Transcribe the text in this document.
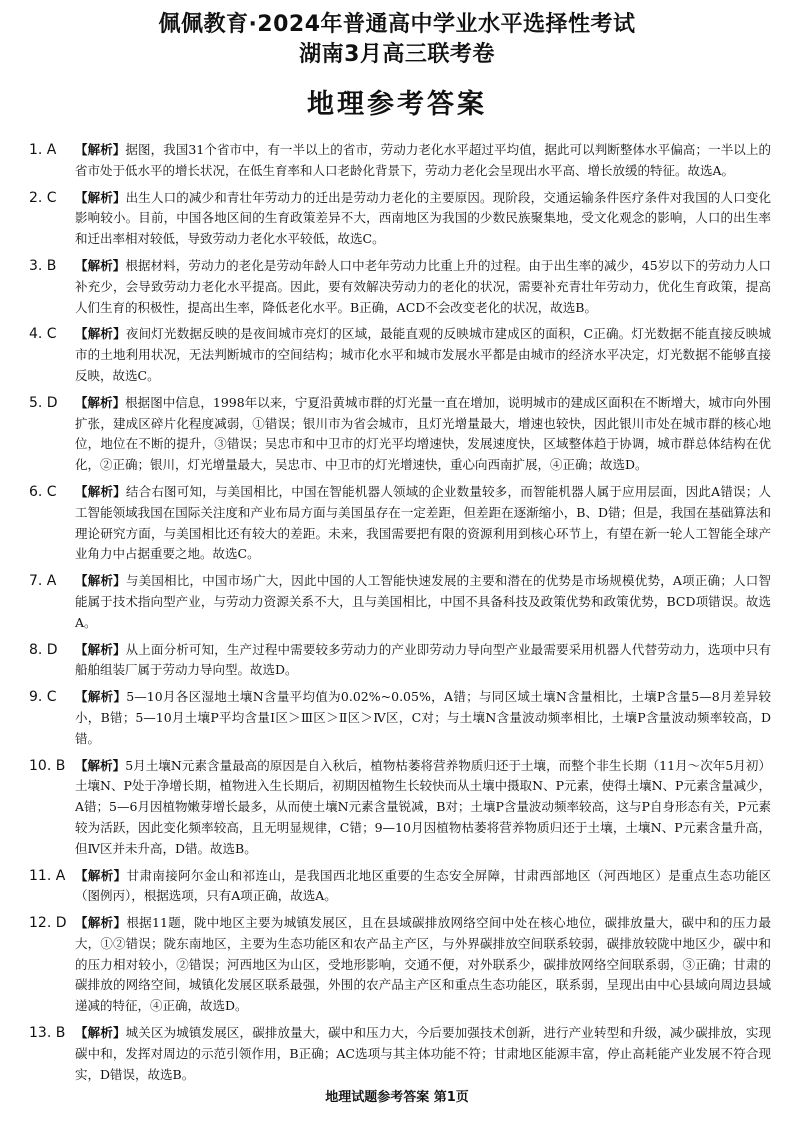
佩佩教育·2024年普通高中学业水平选择性考试
湖南3月高三联考卷
地理参考答案
1. A	【解析】据图，我国31个省市中，有一半以上的省市，劳动力老化水平超过平均值，据此可以判断整体水平偏高；一半以上的省市处于低水平的增长状况，在低生育率和人口老龄化背景下，劳动力老化会呈现出水平高、增长放缓的特征。故选A。
2. C	【解析】出生人口的减少和青壮年劳动力的迁出是劳动力老化的主要原因。现阶段，交通运输条件医疗条件对我国的人口变化影响较小。目前，中国各地区间的生育政策差异不大，西南地区为我国的少数民族聚集地，受文化观念的影响，人口的出生率和迁出率相对较低，导致劳动力老化水平较低，故选C。
3. B	【解析】根据材料，劳动力的老化是劳动年龄人口中老年劳动力比重上升的过程。由于出生率的减少，45岁以下的劳动力人口补充少，会导致劳动力老化水平提高。因此，要有效解决劳动力的老化的状况，需要补充青壮年劳动力，优化生育政策，提高人们生育的积极性，提高出生率，降低老化水平。B正确，ACD不会改变老化的状况，故选B。
4. C	【解析】夜间灯光数据反映的是夜间城市亮灯的区域，最能直观的反映城市建成区的面积，C正确。灯光数据不能直接反映城市的土地利用状况，无法判断城市的空间结构；城市化水平和城市发展水平都是由城市的经济水平决定，灯光数据不能够直接反映，故选C。
5. D	【解析】根据图中信息，1998年以来，宁夏沿黄城市群的灯光量一直在增加，说明城市的建成区面积在不断增大，城市向外围扩张，建成区碎片化程度减弱，①错误；银川市为省会城市，且灯光增量最大，增速也较快，因此银川市处在城市群的核心地位，地位在不断的提升，③错误；吴忠市和中卫市的灯光平均增速快，发展速度快，区域整体趋于协调，城市群总体结构在优化，②正确；银川，灯光增量最大，吴忠市、中卫市的灯光增速快，重心向西南扩展，④正确；故选D。
6. C	【解析】结合右图可知，与美国相比，中国在智能机器人领域的企业数量较多，而智能机器人属于应用层面，因此A错误；人工智能领域我国在国际关注度和产业布局方面与美国虽存在一定差距，但差距在逐渐缩小，B、D错；但是，我国在基础算法和理论研究方面，与美国相比还有较大的差距。未来，我国需要把有限的资源利用到核心环节上，有望在新一轮人工智能全球产业角力中占据重要之地。故选C。
7. A	【解析】与美国相比，中国市场广大，因此中国的人工智能快速发展的主要和潜在的优势是市场规模优势，A项正确；人口智能属于技术指向型产业，与劳动力资源关系不大，且与美国相比，中国不具备科技及政策优势和政策优势，BCD项错误。故选A。
8. D	【解析】从上面分析可知，生产过程中需要较多劳动力的产业即劳动力导向型产业最需要采用机器人代替劳动力，选项中只有船舶组装厂属于劳动力导向型。故选D。
9. C	【解析】5—10月各区湿地土壤N含量平均值为0.02%~0.05%，A错；与同区域土壤N含量相比，土壤P含量5—8月差异较小，B错；5—10月土壤P平均含量Ⅰ区＞Ⅲ区＞Ⅱ区＞Ⅳ区，C对；与土壤N含量波动频率相比，土壤P含量波动频率较高，D错。
10. B 【解析】5月土壤N元素含量最高的原因是自入秋后，植物枯萎将营养物质归还于土壤，而整个非生长期（11月～次年5月初）土壤N、P处于净增长期，植物进入生长期后，初期因植物生长较快而从土壤中摄取N、P元素，使得土壤N、P元素含量减少，A错；5—6月因植物嫩芽增长最多，从而使土壤N元素含量锐减，B对；土壤P含量波动频率较高，这与P自身形态有关，P元素较为活跃，因此变化频率较高，且无明显规律，C错；9—10月因植物枯萎将营养物质归还于土壤，土壤N、P元素含量升高，但Ⅳ区并未升高，D错。故选B。
11. A 【解析】甘肃南接阿尔金山和祁连山，是我国西北地区重要的生态安全屏障，甘肃西部地区（河西地区）是重点生态功能区（图例丙），根据选项，只有A项正确，故选A。
12. D 【解析】根据11题，陇中地区主要为城镇发展区，且在县域碳排放网络空间中处在核心地位，碳排放量大，碳中和的压力最大，①②错误；陇东南地区，主要为生态功能区和农产品主产区，与外界碳排放空间联系较弱，碳排放较陇中地区少，碳中和的压力相对较小，②错误；河西地区为山区，受地形影响，交通不便，对外联系少，碳排放网络空间联系弱，③正确；甘肃的碳排放的网络空间，城镇化发展区联系最强，外围的农产品主产区和重点生态功能区，联系弱，呈现出由中心县域向周边县域递减的特征，④正确，故选D。
13. B 【解析】城关区为城镇发展区，碳排放量大，碳中和压力大，今后要加强技术创新，进行产业转型和升级，减少碳排放，实现碳中和，发挥对周边的示范引领作用，B正确；AC选项与其主体功能不符；甘肃地区能源丰富，停止高耗能产业发展不符合现实，D错误，故选B。
地理试题参考答案 第1页
